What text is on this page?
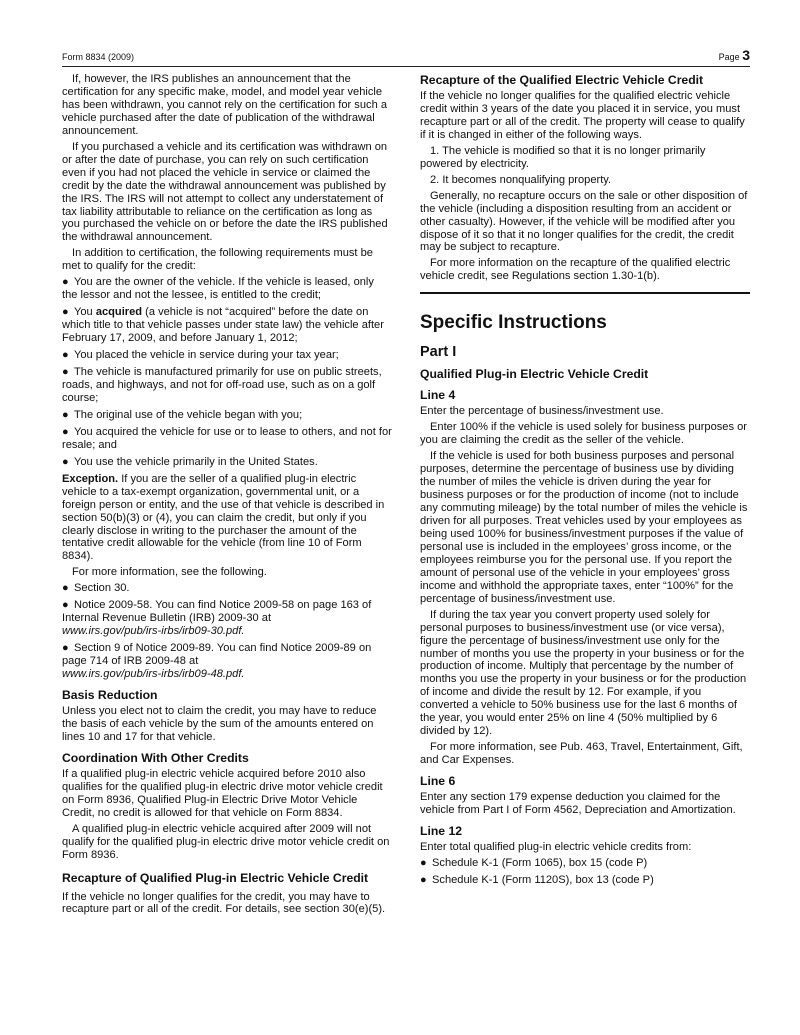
Form 8834 (2009)	Page 3

If, however, the IRS publishes an announcement that the certification for any specific make, model, and model year vehicle has been withdrawn, you cannot rely on the certification for such a vehicle purchased after the date of publication of the withdrawal announcement.

If you purchased a vehicle and its certification was withdrawn on or after the date of purchase, you can rely on such certification even if you had not placed the vehicle in service or claimed the credit by the date the withdrawal announcement was published by the IRS. The IRS will not attempt to collect any understatement of tax liability attributable to reliance on the certification as long as you purchased the vehicle on or before the date the IRS published the withdrawal announcement.

In addition to certification, the following requirements must be met to qualify for the credit:

● You are the owner of the vehicle. If the vehicle is leased, only the lessor and not the lessee, is entitled to the credit;

● You acquired (a vehicle is not “acquired” before the date on which title to that vehicle passes under state law) the vehicle after February 17, 2009, and before January 1, 2012;

● You placed the vehicle in service during your tax year;

● The vehicle is manufactured primarily for use on public streets, roads, and highways, and not for off-road use, such as on a golf course;

● The original use of the vehicle began with you;

● You acquired the vehicle for use or to lease to others, and not for resale; and

● You use the vehicle primarily in the United States.

Exception. If you are the seller of a qualified plug-in electric vehicle to a tax-exempt organization, governmental unit, or a foreign person or entity, and the use of that vehicle is described in section 50(b)(3) or (4), you can claim the credit, but only if you clearly disclose in writing to the purchaser the amount of the tentative credit allowable for the vehicle (from line 10 of Form 8834).

For more information, see the following.

● Section 30.

● Notice 2009-58. You can find Notice 2009-58 on page 163 of Internal Revenue Bulletin (IRB) 2009-30 at
www.irs.gov/pub/irs-irbs/irb09-30.pdf.

● Section 9 of Notice 2009-89. You can find Notice 2009-89 on page 714 of IRB 2009-48 at
www.irs.gov/pub/irs-irbs/irb09-48.pdf.

Basis Reduction

Unless you elect not to claim the credit, you may have to reduce the basis of each vehicle by the sum of the amounts entered on lines 10 and 17 for that vehicle.

Coordination With Other Credits

If a qualified plug-in electric vehicle acquired before 2010 also qualifies for the qualified plug-in electric drive motor vehicle credit on Form 8936, Qualified Plug-in Electric Drive Motor Vehicle Credit, no credit is allowed for that vehicle on Form 8834.

A qualified plug-in electric vehicle acquired after 2009 will not qualify for the qualified plug-in electric drive motor vehicle credit on Form 8936.

Recapture of Qualified Plug-in Electric Vehicle Credit

If the vehicle no longer qualifies for the credit, you may have to recapture part or all of the credit. For details, see section 30(e)(5).

Recapture of the Qualified Electric Vehicle Credit

If the vehicle no longer qualifies for the qualified electric vehicle credit within 3 years of the date you placed it in service, you must recapture part or all of the credit. The property will cease to qualify if it is changed in either of the following ways.

1. The vehicle is modified so that it is no longer primarily powered by electricity.

2. It becomes nonqualifying property.

Generally, no recapture occurs on the sale or other disposition of the vehicle (including a disposition resulting from an accident or other casualty). However, if the vehicle will be modified after you dispose of it so that it no longer qualifies for the credit, the credit may be subject to recapture.

For more information on the recapture of the qualified electric vehicle credit, see Regulations section 1.30-1(b).

Specific Instructions
Part I
Qualified Plug-in Electric Vehicle Credit
Line 4

Enter the percentage of business/investment use.

Enter 100% if the vehicle is used solely for business purposes or you are claiming the credit as the seller of the vehicle.

If the vehicle is used for both business purposes and personal purposes, determine the percentage of business use by dividing the number of miles the vehicle is driven during the year for business purposes or for the production of income (not to include any commuting mileage) by the total number of miles the vehicle is driven for all purposes. Treat vehicles used by your employees as being used 100% for business/investment purposes if the value of personal use is included in the employees’ gross income, or the employees reimburse you for the personal use. If you report the amount of personal use of the vehicle in your employees’ gross income and withhold the appropriate taxes, enter “100%” for the percentage of business/investment use.

If during the tax year you convert property used solely for personal purposes to business/investment use (or vice versa), figure the percentage of business/investment use only for the number of months you use the property in your business or for the production of income. Multiply that percentage by the number of months you use the property in your business or for the production of income and divide the result by 12. For example, if you converted a vehicle to 50% business use for the last 6 months of the year, you would enter 25% on line 4 (50% multiplied by 6 divided by 12).

For more information, see Pub. 463, Travel, Entertainment, Gift, and Car Expenses.

Line 6

Enter any section 179 expense deduction you claimed for the vehicle from Part I of Form 4562, Depreciation and Amortization.

Line 12

Enter total qualified plug-in electric vehicle credits from:

● Schedule K-1 (Form 1065), box 15 (code P)

● Schedule K-1 (Form 1120S), box 13 (code P)
